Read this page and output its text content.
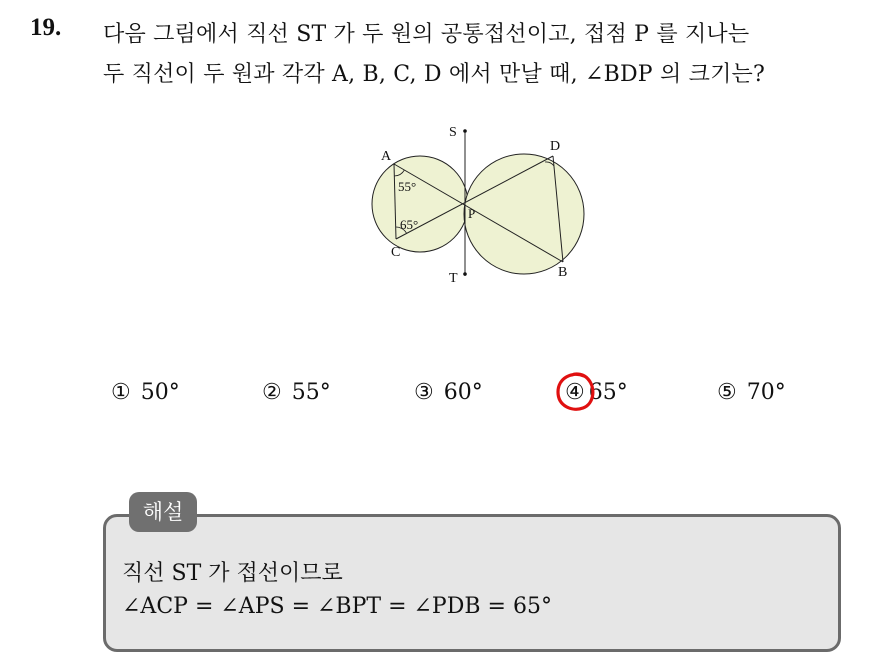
19. 다음 그림에서 직선 ST 가 두 원의 공통접선이고, 접점 P 를 지나는
두 직선이 두 원과 각각 A, B, C, D 에서 만날 때, ∠BDP 의 크기는?
S
T
A
C
D
B
P
55°
65°
① 50°	② 55°	③ 60°	④ 65°	⑤ 70°
해설
직선 ST 가 접선이므로
∠ACP = ∠APS = ∠BPT = ∠PDB = 65°
